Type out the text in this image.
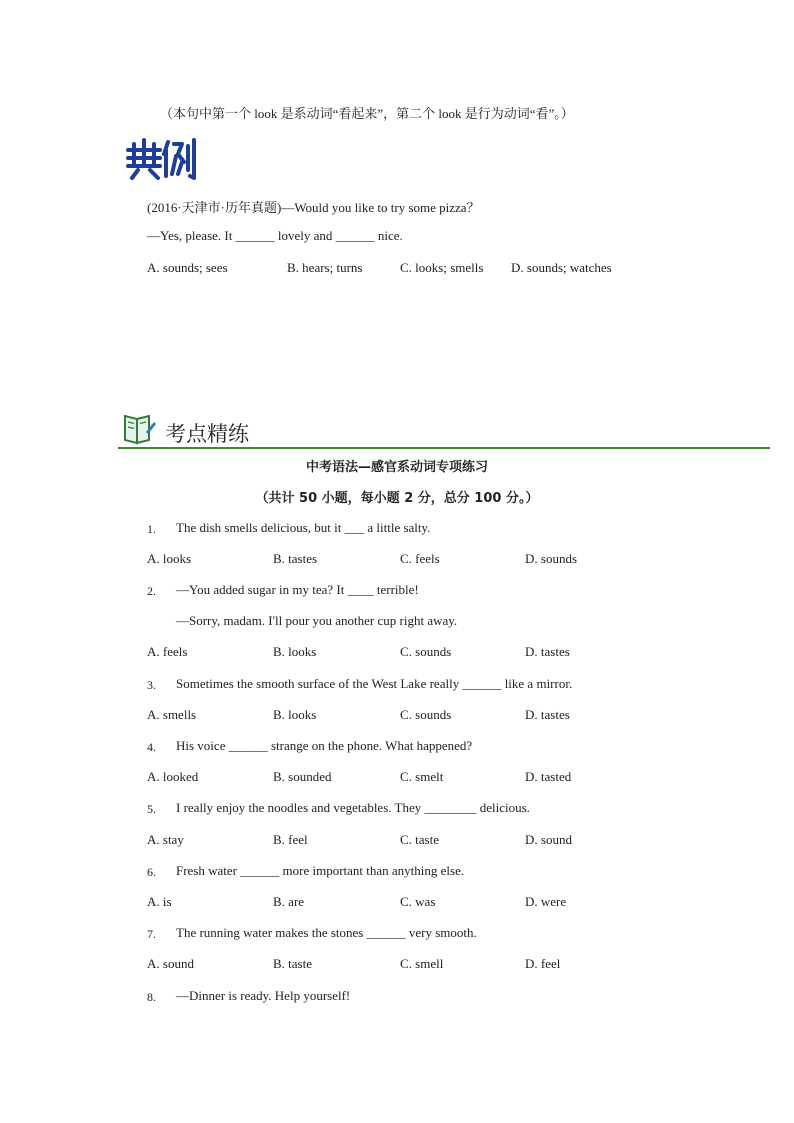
（本句中第一个 look 是系动词“看起来”，第二个 look 是行为动词“看”。）
(2016·天津市·历年真题)—Would you like to try some pizza？
—Yes, please. It ______ lovely and ______ nice.
A. sounds; sees	B. hears; turns	C. looks; smells D. sounds; watches
考点精练
中考语法—感官系动词专项练习
（共计 50 小题，每小题 2 分，总分 100 分。）
1. The dish smells delicious, but it ___ a little salty.
A. looks	B. tastes	C. feels	D. sounds
2. —You added sugar in my tea? It ____ terrible!
—Sorry, madam. I'll pour you another cup right away.
A. feels	B. looks	C. sounds	D. tastes
3. Sometimes the smooth surface of the West Lake really ______ like a mirror.
A. smells	B. looks	C. sounds	D. tastes
4. His voice ______ strange on the phone. What happened?
A. looked	B. sounded	C. smelt	D. tasted
5. I really enjoy the noodles and vegetables. They ________ delicious.
A. stay	B. feel	C. taste	D. sound
6. Fresh water ______ more important than anything else.
A. is	B. are	C. was	D. were
7. The running water makes the stones ______ very smooth.
A. sound	B. taste	C. smell	D. feel
8. —Dinner is ready. Help yourself!
